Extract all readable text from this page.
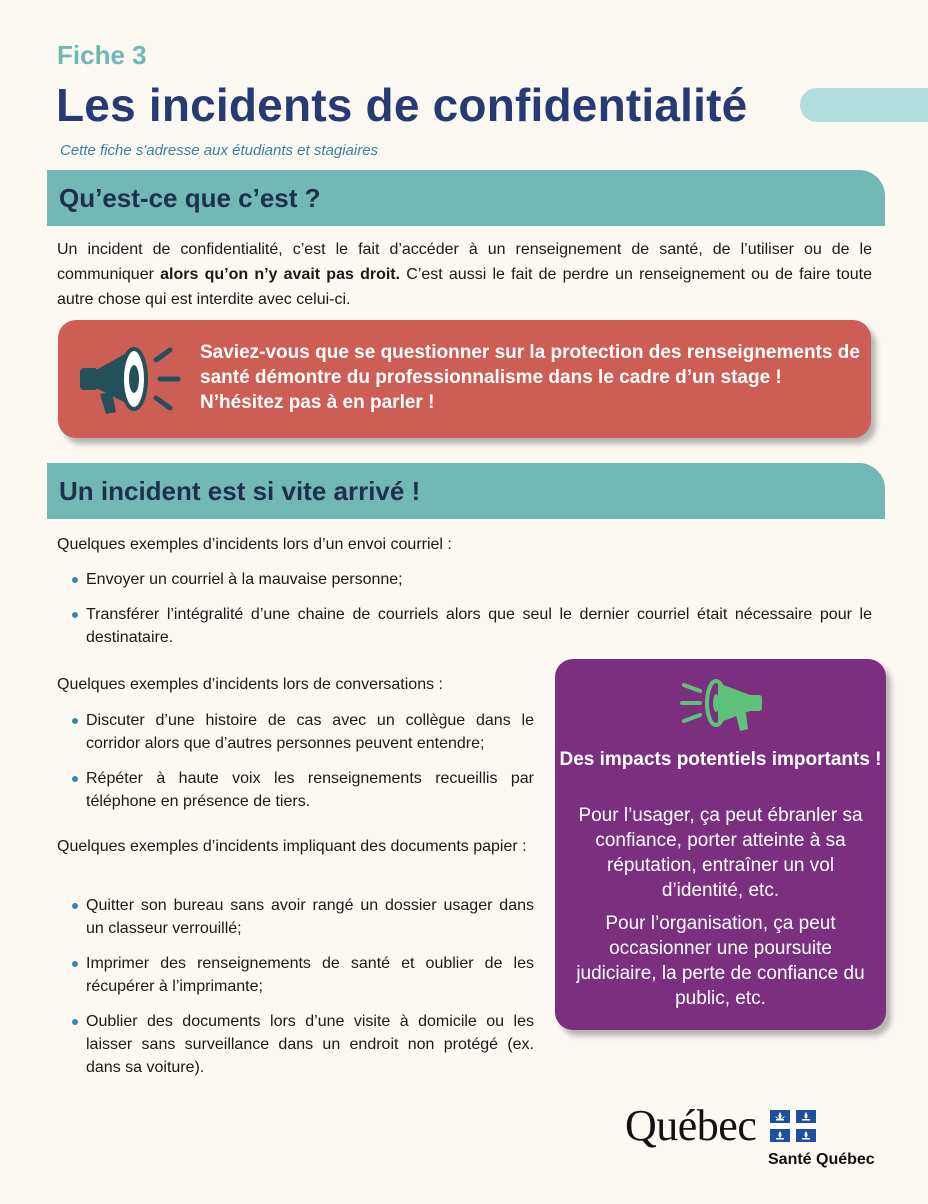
Fiche 3
Les incidents de confidentialité
Cette fiche s'adresse aux étudiants et stagiaires
Qu’est-ce que c’est ?

Un incident de confidentialité, c’est le fait d’accéder à un renseignement de santé, de l’utiliser ou de le communiquer alors qu’on n’y avait pas droit. C’est aussi le fait de perdre un renseignement ou de faire toute autre chose qui est interdite avec celui-ci.

Saviez-vous que se questionner sur la protection des renseignements de santé démontre du professionnalisme dans le cadre d’un stage ! N’hésitez pas à en parler !
Un incident est si vite arrivé !
Quelques exemples d’incidents lors d’un envoi courriel :
Envoyer un courriel à la mauvaise personne;
Transférer l’intégralité d’une chaine de courriels alors que seul le dernier courriel était nécessaire pour le destinataire.
Quelques exemples d’incidents lors de conversations :
Discuter d’une histoire de cas avec un collègue dans le corridor alors que d’autres personnes peuvent entendre;
Répéter à haute voix les renseignements recueillis par téléphone en présence de tiers.
Quelques exemples d’incidents impliquant des documents papier :
Quitter son bureau sans avoir rangé un dossier usager dans un classeur verrouillé;
Imprimer des renseignements de santé et oublier de les récupérer à l’imprimante;
Oublier des documents lors d’une visite à domicile ou les laisser sans surveillance dans un endroit non protégé (ex. dans sa voiture).
Des impacts potentiels importants !
Pour l’usager, ça peut ébranler sa confiance, porter atteinte à sa réputation, entraîner un vol d’identité, etc.
Pour l’organisation, ça peut occasionner une poursuite judiciaire, la perte de confiance du public, etc.
Québec
Santé Québec
